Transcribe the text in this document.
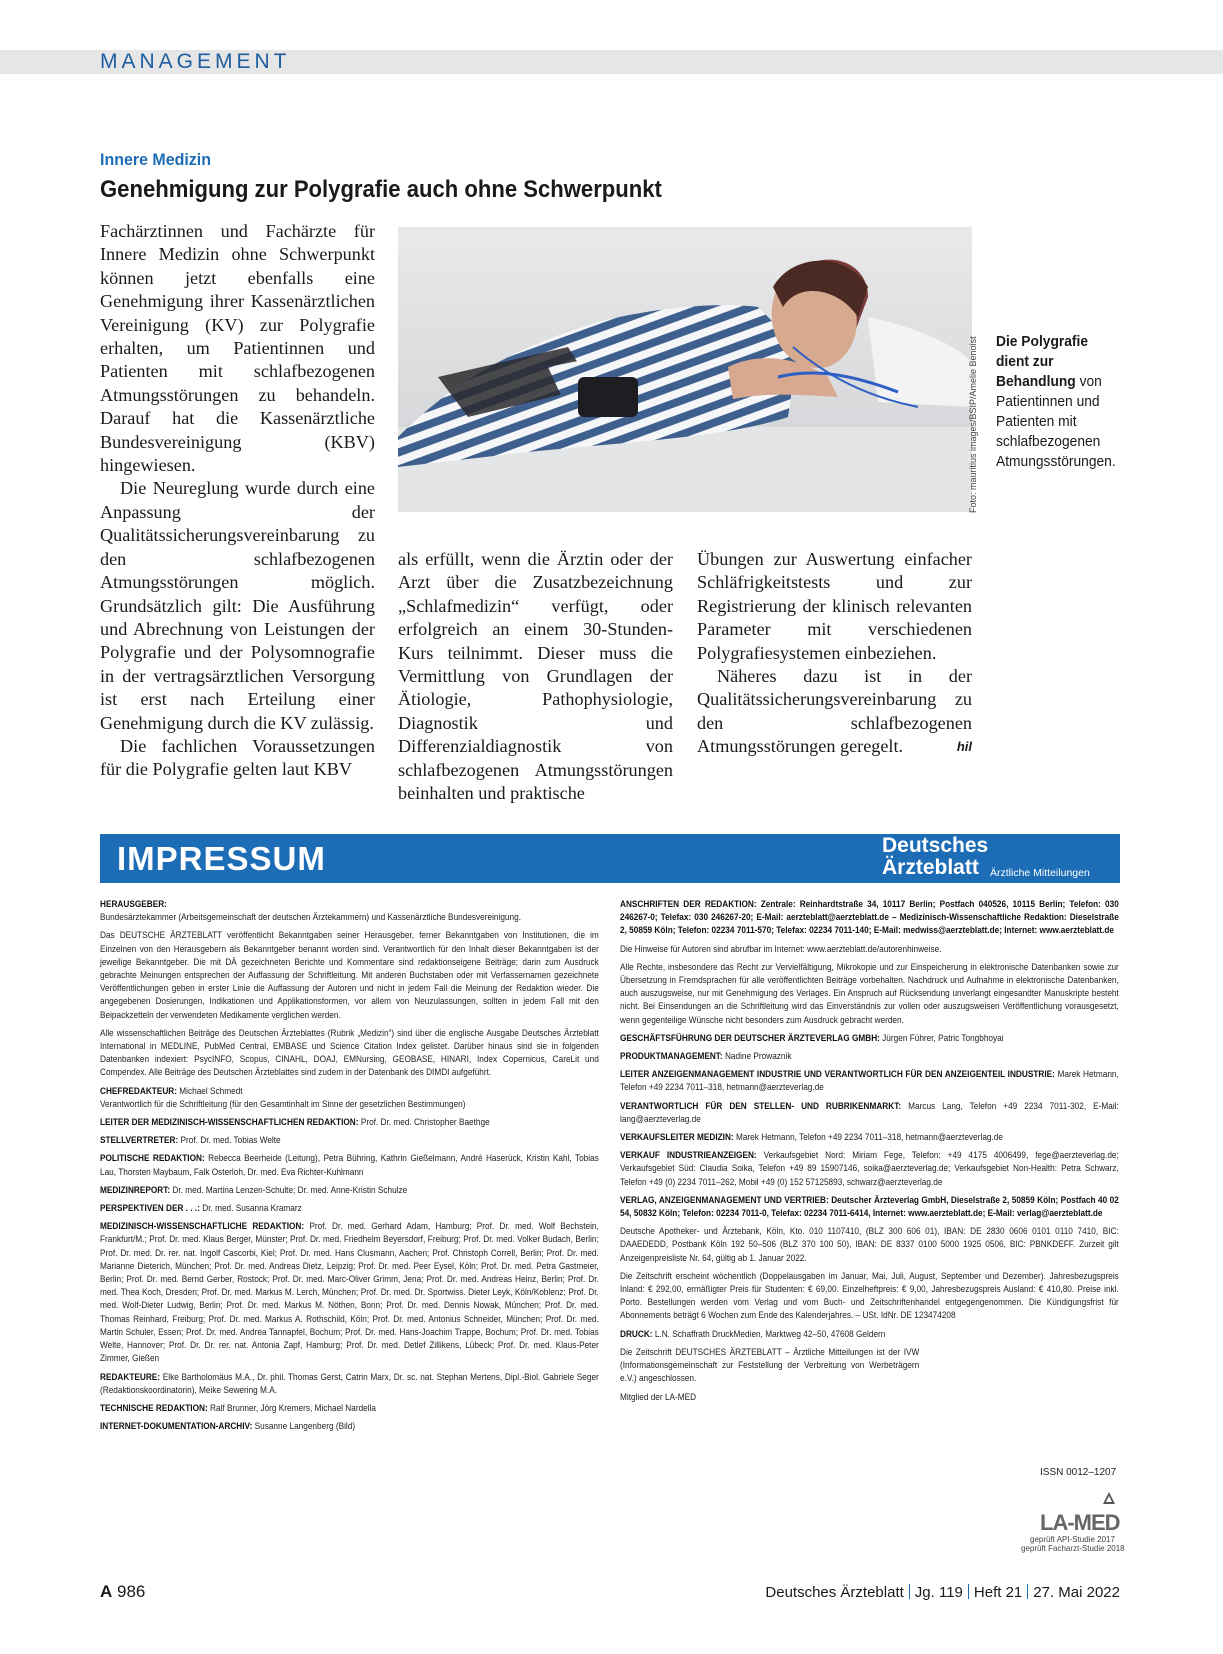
MANAGEMENT
Innere Medizin
Genehmigung zur Polygrafie auch ohne Schwerpunkt

Fachärztinnen und Fachärzte für Innere Medizin ohne Schwerpunkt können jetzt ebenfalls eine Genehmigung ihrer Kassenärztlichen Vereinigung (KV) zur Polygrafie erhalten, um Patientinnen und Patienten mit schlafbezogenen Atmungsstörungen zu behandeln. Darauf hat die Kassenärztliche Bundesvereinigung (KBV) hingewiesen.

Die Neureglung wurde durch eine Anpassung der Qualitätssicherungsvereinbarung zu den schlafbezogenen Atmungsstörungen möglich. Grundsätzlich gilt: Die Ausführung und Abrechnung von Leistungen der Polygrafie und der Polysomnografie in der vertragsärztlichen Versorgung ist erst nach Erteilung einer Genehmigung durch die KV zulässig.

Die fachlichen Voraussetzungen für die Polygrafie gelten laut KBV

Foto: mauritius images/BSIP/Amelie Benoist Die Polygrafie dient zur Behandlung von Patientinnen und Patienten mit schlafbezogenen Atmungsstörungen.

als erfüllt, wenn die Ärztin oder der Arzt über die Zusatzbezeichnung „Schlafmedizin“ verfügt, oder erfolgreich an einem 30-Stunden-Kurs teilnimmt. Dieser muss die Vermittlung von Grundlagen der Ätiologie, Pathophysiologie, Diagnostik und Differenzialdiagnostik von schlafbezogenen Atmungsstörungen beinhalten und praktische

Übungen zur Auswertung einfacher Schläfrigkeitstests und zur Registrierung der klinisch relevanten Parameter mit verschiedenen Polygrafiesystemen einbeziehen.

Näheres dazu ist in der Qualitätssicherungsvereinbarung zu den schlafbezogenen Atmungsstörungen geregelt.	hil

IMPRESSUM	Deutsches
Ärzteblatt Ärztliche Mitteilungen

HERAUSGEBER:

Bundesärztekammer (Arbeitsgemeinschaft der deutschen Ärztekammern) und Kassenärztliche Bundesvereinigung.

Das DEUTSCHE ÄRZTEBLATT veröffentlicht Bekanntgaben seiner Herausgeber, ferner Bekanntgaben von Institutionen, die im Einzelnen von den Herausgebern als Bekanntgeber benannt worden sind. Verantwortlich für den Inhalt dieser Bekanntgaben ist der jeweilige Bekanntgeber. Die mit DÄ gezeichneten Berichte und Kommentare sind redaktionseigene Beiträge; darin zum Ausdruck gebrachte Meinungen entsprechen der Auffassung der Schriftleitung. Mit anderen Buchstaben oder mit Verfassernamen gezeichnete Veröffentlichungen geben in erster Linie die Auffassung der Autoren und nicht in jedem Fall die Meinung der Redaktion wieder. Die angegebenen Dosierungen, Indikationen und Applikationsformen, vor allem von Neuzulassungen, sollten in jedem Fall mit den Beipackzetteln der verwendeten Medikamente verglichen werden.

Alle wissenschaftlichen Beiträge des Deutschen Ärzteblattes (Rubrik „Medizin“) sind über die englische Ausgabe Deutsches Ärzteblatt International in MEDLINE, PubMed Central, EMBASE und Science Citation Index gelistet. Darüber hinaus sind sie in folgenden Datenbanken indexiert: PsycINFO, Scopus, CINAHL, DOAJ, EMNursing, GEOBASE, HINARI, Index Copernicus, CareLit und Compendex. Alle Beiträge des Deutschen Ärzteblattes sind zudem in der Datenbank des DIMDI aufgeführt.

CHEFREDAKTEUR: Michael Schmedt

Verantwortlich für die Schriftleitung (für den Gesamtinhalt im Sinne der gesetzlichen Bestimmungen)

LEITER DER MEDIZINISCH-WISSENSCHAFTLICHEN REDAKTION: Prof. Dr. med. Christopher Baethge

STELLVERTRETER: Prof. Dr. med. Tobias Welte

POLITISCHE REDAKTION: Rebecca Beerheide (Leitung), Petra Bühring, Kathrin Gießelmann, André Haserück, Kristin Kahl, Tobias Lau, Thorsten Maybaum, Falk Osterloh, Dr. med. Eva Richter-Kuhlmann

MEDIZINREPORT: Dr. med. Martina Lenzen-Schulte; Dr. med. Anne-Kristin Schulze

PERSPEKTIVEN DER . . .: Dr. med. Susanna Kramarz

MEDIZINISCH-WISSENSCHAFTLICHE REDAKTION: Prof. Dr. med. Gerhard Adam, Hamburg; Prof. Dr. med. Wolf Bechstein, Frankfurt/M.; Prof. Dr. med. Klaus Berger, Münster; Prof. Dr. med. Friedhelm Beyersdorf, Freiburg; Prof. Dr. med. Volker Budach, Berlin; Prof. Dr. med. Dr. rer. nat. Ingolf Cascorbi, Kiel; Prof. Dr. med. Hans Clusmann, Aachen; Prof. Christoph Correll, Berlin; Prof. Dr. med. Marianne Dieterich, München; Prof. Dr. med. Andreas Dietz, Leipzig; Prof. Dr. med. Peer Eysel, Köln; Prof. Dr. med. Petra Gastmeier, Berlin; Prof. Dr. med. Bernd Gerber, Rostock; Prof. Dr. med. Marc-Oliver Grimm, Jena; Prof. Dr. med. Andreas Heinz, Berlin; Prof. Dr. med. Thea Koch, Dresden; Prof. Dr. med. Markus M. Lerch, München; Prof. Dr. med. Dr. Sportwiss. Dieter Leyk, Köln/Koblenz; Prof. Dr. med. Wolf-Dieter Ludwig, Berlin; Prof. Dr. med. Markus M. Nöthen, Bonn; Prof. Dr. med. Dennis Nowak, München; Prof. Dr. med. Thomas Reinhard, Freiburg; Prof. Dr. med. Markus A. Rothschild, Köln; Prof. Dr. med. Antonius Schneider, München; Prof. Dr. med. Martin Schuler, Essen; Prof. Dr. med. Andrea Tannapfel, Bochum; Prof. Dr. med. Hans-Joachim Trappe, Bochum; Prof. Dr. med. Tobias Welte, Hannover; Prof. Dr. Dr. rer. nat. Antonia Zapf, Hamburg; Prof. Dr. med. Detlef Zillikens, Lübeck; Prof. Dr. med. Klaus-Peter Zimmer, Gießen

REDAKTEURE: Elke Bartholomäus M.A., Dr. phil. Thomas Gerst, Catrin Marx, Dr. sc. nat. Stephan Mertens, Dipl.-Biol. Gabriele Seger (Redaktionskoordinatorin), Meike Sewering M.A.

TECHNISCHE REDAKTION: Ralf Brunner, Jörg Kremers, Michael Nardella

INTERNET-DOKUMENTATION-ARCHIV: Susanne Langenberg (Bild)

ANSCHRIFTEN DER REDAKTION: Zentrale: Reinhardtstraße 34, 10117 Berlin; Postfach 040526, 10115 Berlin; Telefon: 030 246267-0; Telefax: 030 246267-20; E-Mail: aerzteblatt@aerzteblatt.de – Medizinisch-Wissenschaftliche Redaktion: Dieselstraße 2, 50859 Köln; Telefon: 02234 7011-570; Telefax: 02234 7011-140; E-Mail: medwiss@aerzteblatt.de; Internet: www.aerzteblatt.de

Die Hinweise für Autoren sind abrufbar im Internet: www.aerzteblatt.de/autorenhinweise.

Alle Rechte, insbesondere das Recht zur Vervielfältigung, Mikrokopie und zur Einspeicherung in elektronische Datenbanken sowie zur Übersetzung in Fremdsprachen für alle veröffentlichten Beiträge vorbehalten. Nachdruck und Aufnahme in elektronische Datenbanken, auch auszugsweise, nur mit Genehmigung des Verlages. Ein Anspruch auf Rücksendung unverlangt eingesandter Manuskripte besteht nicht. Bei Einsendungen an die Schriftleitung wird das Einverständnis zur vollen oder auszugsweisen Veröffentlichung vorausgesetzt, wenn gegenteilige Wünsche nicht besonders zum Ausdruck gebracht werden.

GESCHÄFTSFÜHRUNG DER DEUTSCHER ÄRZTEVERLAG GMBH: Jürgen Führer, Patric Tongbhoyai

PRODUKTMANAGEMENT: Nadine Prowaznik

LEITER ANZEIGENMANAGEMENT INDUSTRIE UND VERANTWORTLICH FÜR DEN ANZEIGENTEIL INDUSTRIE: Marek Hetmann, Telefon +49 2234 7011–318, hetmann@aerzteverlag.de

VERANTWORTLICH FÜR DEN STELLEN- UND RUBRIKENMARKT: Marcus Lang, Telefon +49 2234 7011-302, E-Mail: lang@aerzteverlag.de

VERKAUFSLEITER MEDIZIN: Marek Hetmann, Telefon +49 2234 7011–318, hetmann@aerzteverlag.de

VERKAUF INDUSTRIEANZEIGEN: Verkaufsgebiet Nord: Miriam Fege, Telefon: +49 4175 4006499, fege@aerzteverlag.de; Verkaufsgebiet Süd: Claudia Soika, Telefon +49 89 15907146, soika@aerzteverlag.de; Verkaufsgebiet Non-Health: Petra Schwarz, Telefon +49 (0) 2234 7011–262, Mobil +49 (0) 152 57125893, schwarz@aerzteverlag.de

VERLAG, ANZEIGENMANAGEMENT UND VERTRIEB: Deutscher Ärzteverlag GmbH, Dieselstraße 2, 50859 Köln; Postfach 40 02 54, 50832 Köln; Telefon: 02234 7011-0, Telefax: 02234 7011-6414, Internet: www.aerzteblatt.de; E-Mail: verlag@aerzteblatt.de

Deutsche Apotheker- und Ärztebank, Köln, Kto. 010 1107410, (BLZ 300 606 01), IBAN: DE 2830 0606 0101 0110 7410, BIC: DAAEDEDD, Postbank Köln 192 50–506 (BLZ 370 100 50), IBAN: DE 8337 0100 5000 1925 0506, BIC: PBNKDEFF. Zurzeit gilt Anzeigenpreisliste Nr. 64, gültig ab 1. Januar 2022.

Die Zeitschrift erscheint wöchentlich (Doppelausgaben im Januar, Mai, Juli, August, September und Dezember). Jahresbezugspreis Inland: € 292,00, ermäßigter Preis für Studenten: € 69,00. Einzelheftpreis: € 9,00, Jahresbezugspreis Ausland: € 410,80. Preise inkl. Porto. Bestellungen werden vom Verlag und vom Buch- und Zeitschriftenhandel entgegengenommen. Die Kündigungsfrist für Abonnements beträgt 6 Wochen zum Ende des Kalenderjahres. – USt. IdNr. DE 123474208

DRUCK: L.N. Schaffrath DruckMedien, Marktweg 42–50, 47608 Geldern

Die Zeitschrift DEUTSCHES ÄRZTEBLATT – Ärztliche Mitteilungen ist der IVW (Informationsgemeinschaft zur Feststellung der Verbreitung von Werbeträgern e.V.) angeschlossen.

Mitglied der LA-MED

ISSN 0012–1207
LA-MED
geprüft API-Studie 2017
geprüft Facharzt-Studie 2018
A 986	Deutsches Ärzteblatt Jg. 119 Heft 21 27. Mai 2022
